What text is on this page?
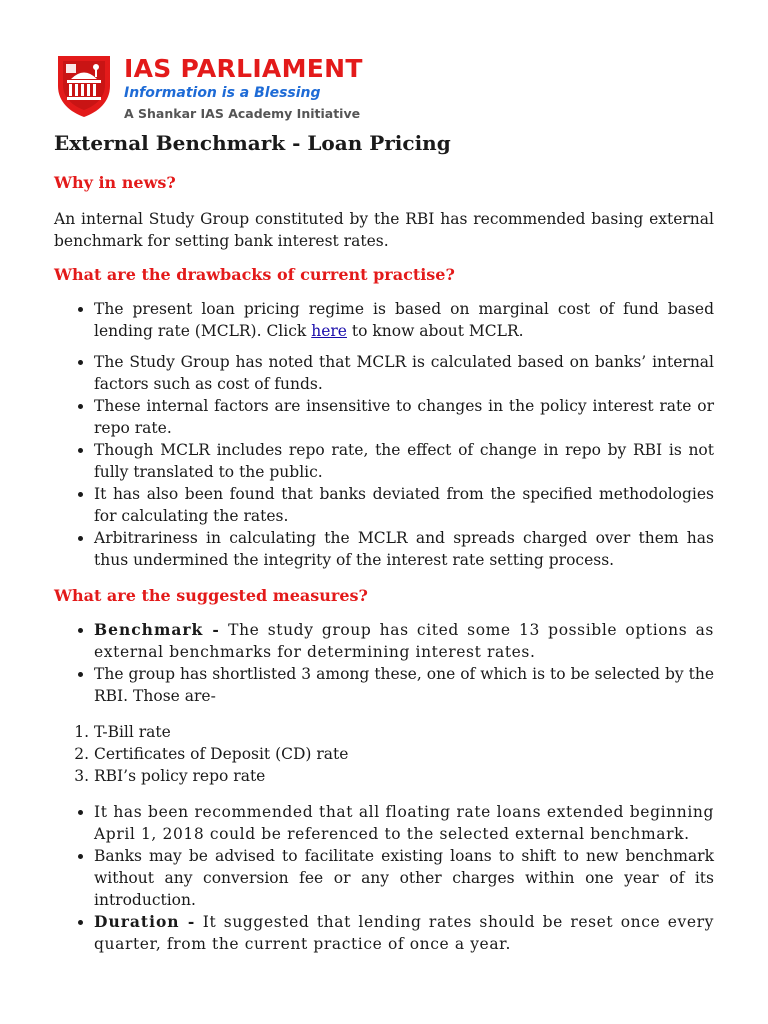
IAS PARLIAMENT
Information is a Blessing
A Shankar IAS Academy Initiative
External Benchmark - Loan Pricing
Why in news?

An internal Study Group constituted by the RBI has recommended basing external benchmark for setting bank interest rates.

What are the drawbacks of current practise?
• The present loan pricing regime is based on marginal cost of fund based lending rate (MCLR). Click here to know about MCLR.
• The Study Group has noted that MCLR is calculated based on banks’ internal factors such as cost of funds.
• These internal factors are insensitive to changes in the policy interest rate or repo rate.
• Though MCLR includes repo rate, the effect of change in repo by RBI is not fully translated to the public.
• It has also been found that banks deviated from the specified methodologies for calculating the rates.
• Arbitrariness in calculating the MCLR and spreads charged over them has thus undermined the integrity of the interest rate setting process.
What are the suggested measures?
• Benchmark - The study group has cited some 13 possible options as external benchmarks for determining interest rates.
• The group has shortlisted 3 among these, one of which is to be selected by the RBI. Those are-
1. T-Bill rate
2. Certificates of Deposit (CD) rate
3. RBI’s policy repo rate
• It has been recommended that all floating rate loans extended beginning April 1, 2018 could be referenced to the selected external benchmark.
• Banks may be advised to facilitate existing loans to shift to new benchmark without any conversion fee or any other charges within one year of its introduction.
• Duration - It suggested that lending rates should be reset once every quarter, from the current practice of once a year.
